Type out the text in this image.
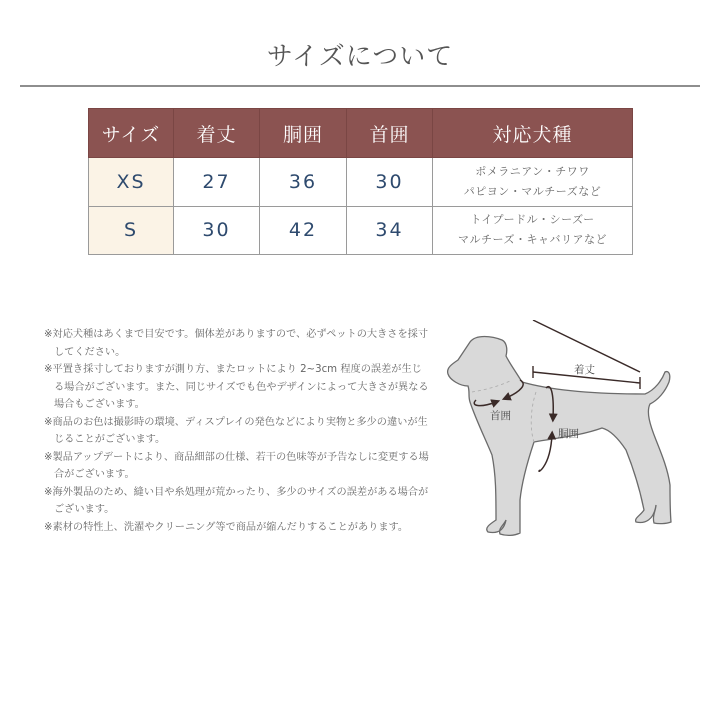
サイズについて
サイズ	着丈	胴囲	首囲	対応犬種
XS	27	36	30	ポメラニアン・チワワ
パピヨン・マルチーズなど

S	30	42	34	トイプードル・シーズー
マルチーズ・キャバリアなど

※対応犬種はあくまで目安です。個体差がありますので、必ずペットの大きさを採寸してください。

※平置き採寸しておりますが測り方、またロットにより 2~3cm 程度の誤差が生じる場合がございます。また、同じサイズでも色やデザインによって大きさが異なる場合もございます。

※商品のお色は撮影時の環境、ディスプレイの発色などにより実物と多少の違いが生じることがございます。

※製品アップデートにより、商品細部の仕様、若干の色味等が予告なしに変更する場合がございます。

※海外製品のため、縫い目や糸処理が荒かったり、多少のサイズの誤差がある場合がございます。

※素材の特性上、洗濯やクリーニング等で商品が縮んだりすることがあります。

着丈
首囲
胴囲
